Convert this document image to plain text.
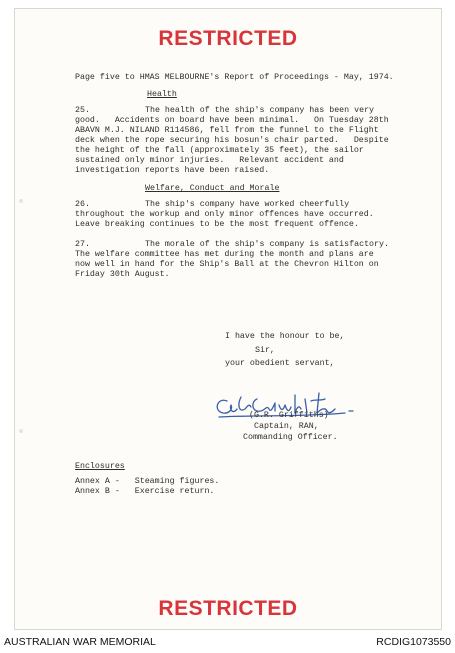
RESTRICTED
Page five to HMAS MELBOURNE's Report of Proceedings - May, 1974.
Health
25.	The health of the ship's company has been very
good.   Accidents on board have been minimal.   On Tuesday 28th
ABAVN M.J. NILAND R114586, fell from the funnel to the Flight
deck when the rope securing his bosun's chair parted.   Despite
the height of the fall (approximately 35 feet), the sailor
sustained only minor injuries.   Relevant accident and
investigation reports have been raised.
Welfare, Conduct and Morale
26.	The ship's company have worked cheerfully
throughout the workup and only minor offences have occurred.
Leave breaking continues to be the most frequent offence.
27.	The morale of the ship's company is satisfactory.
The welfare committee has met during the month and plans are
now well in hand for the Ship's Ball at the Chevron Hilton on
Friday 30th August.
I have the honour to be,
Sir,
your obedient servant,
(G.R. Griffiths)
Captain, RAN,
Commanding Officer.
Enclosures
Annex A -   Steaming figures.
Annex B -   Exercise return.
RESTRICTED
AUSTRALIAN WAR MEMORIAL	RCDIG1073550
